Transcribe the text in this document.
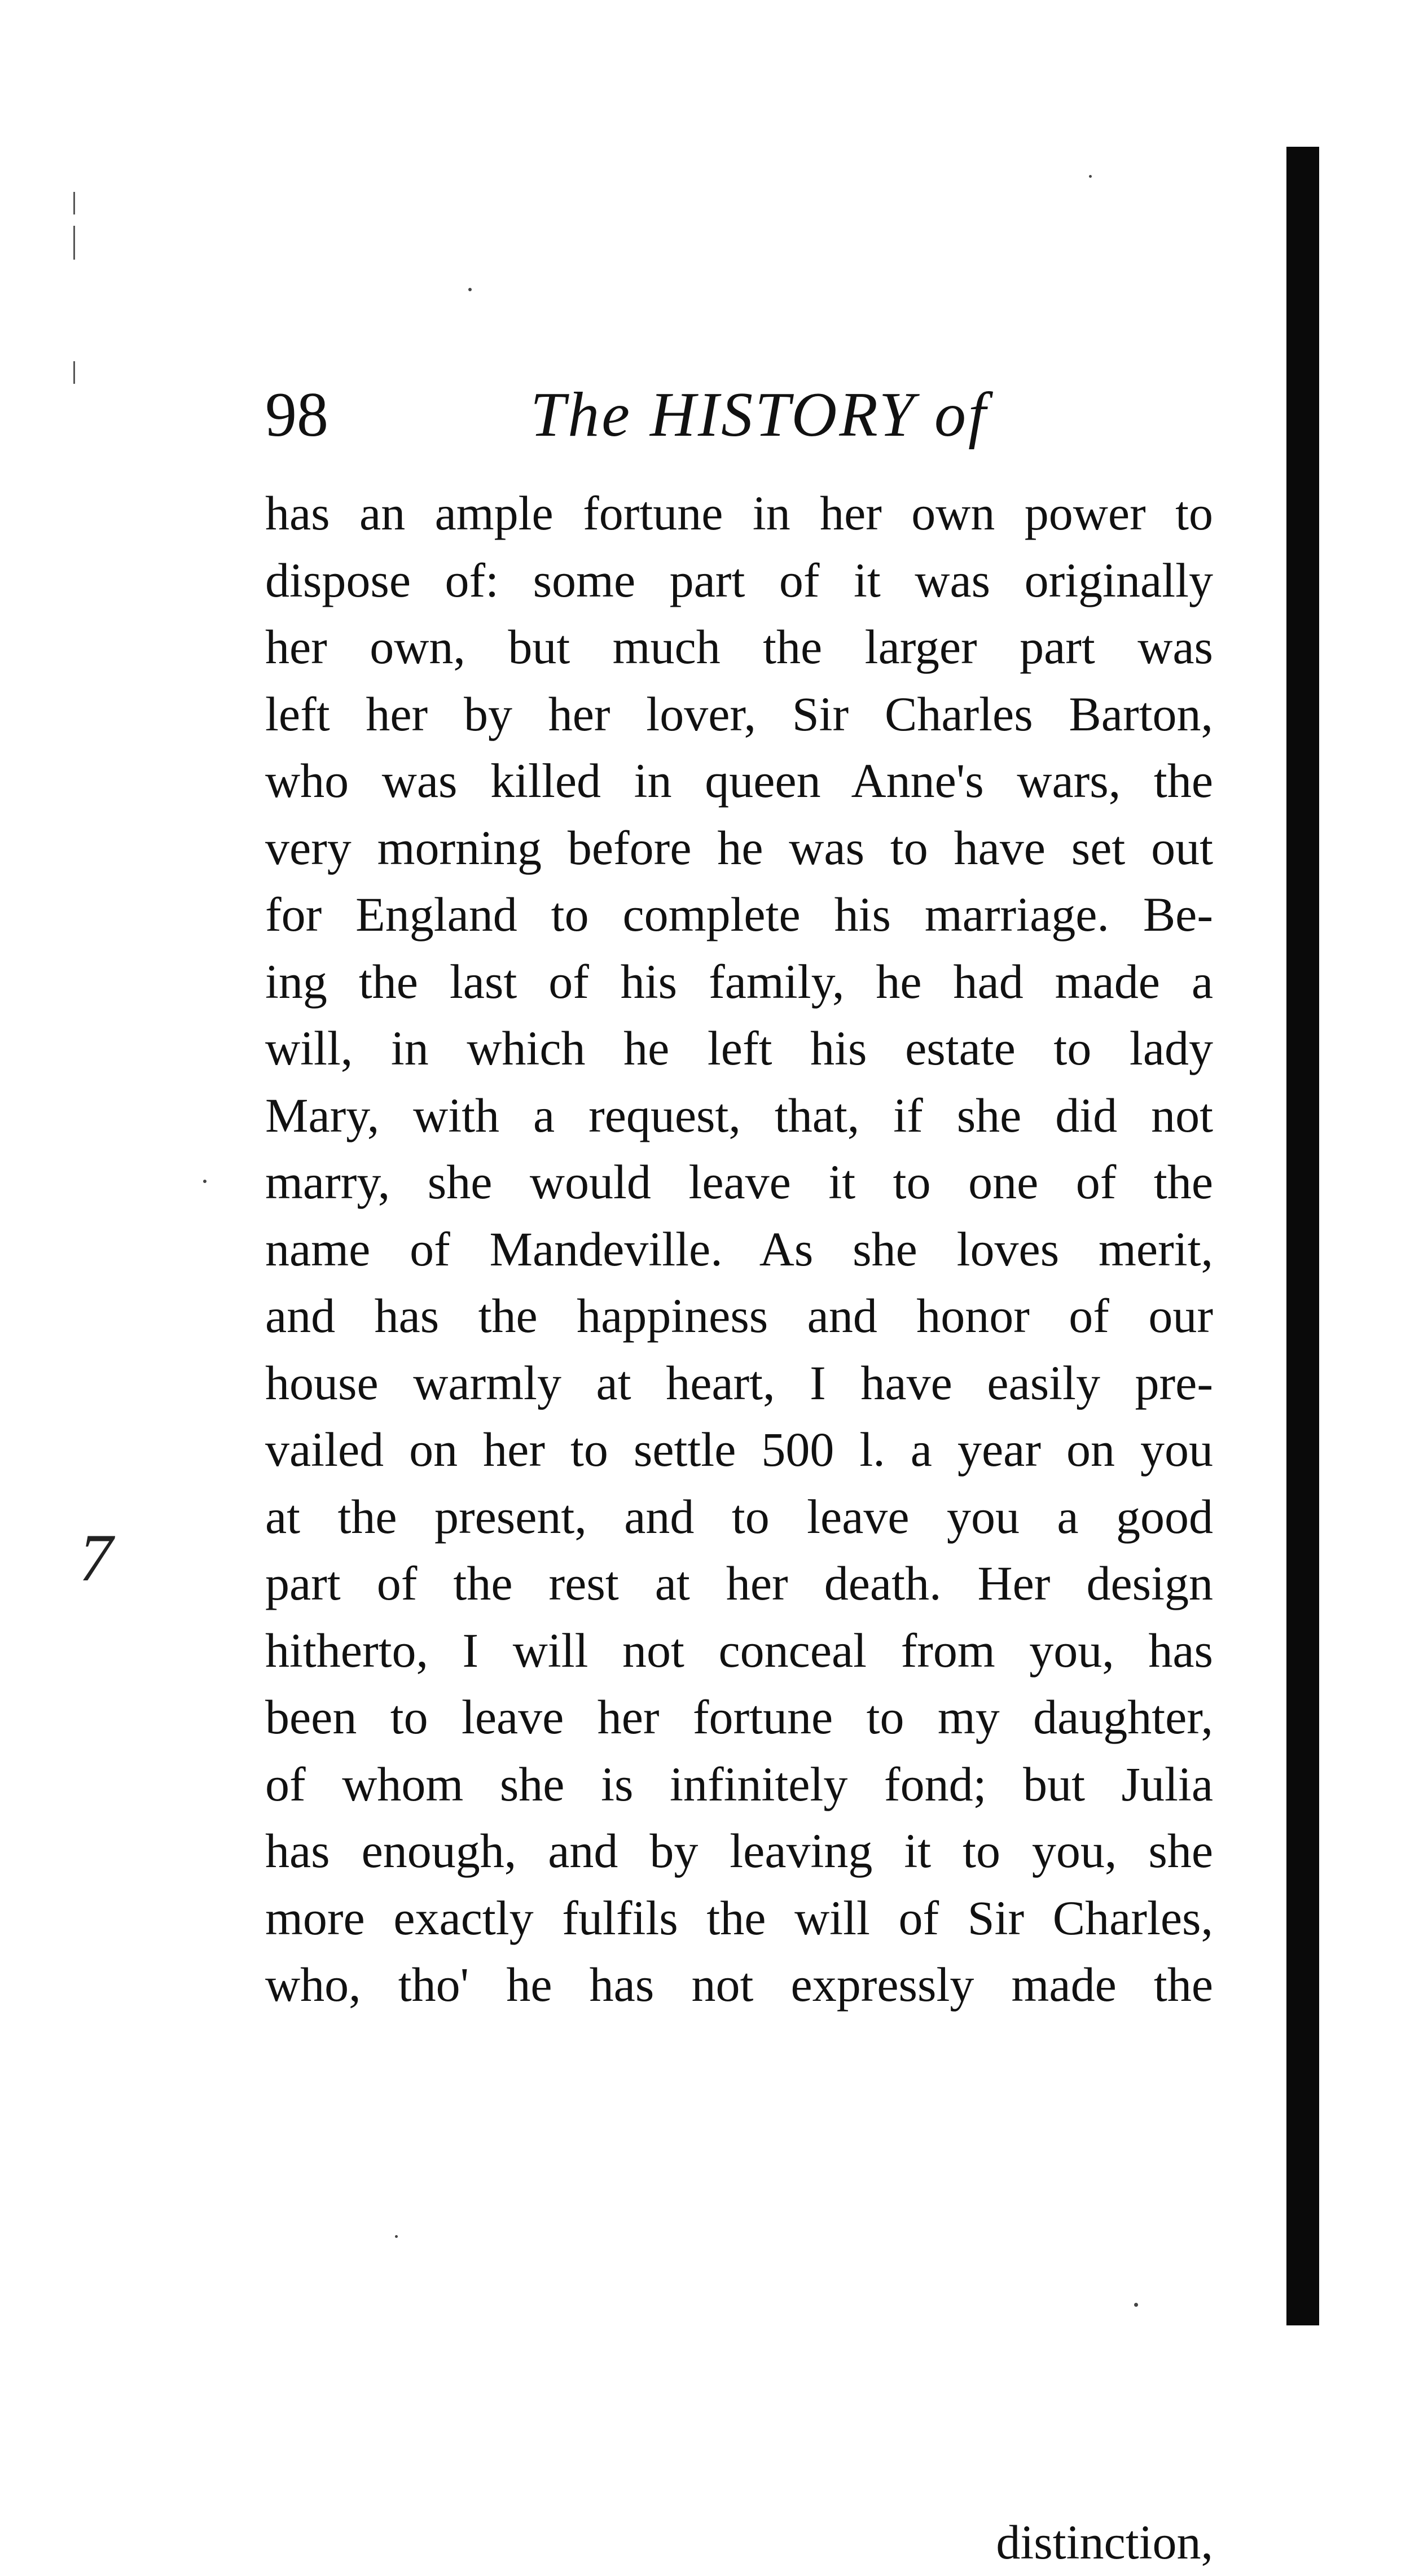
98	The HISTORY of
7
has an ample fortune in her own power to
dispose of: some part of it was originally
her own, but much the larger part was
left her by her lover, Sir Charles Barton,
who was killed in queen Anne's wars, the
very morning before he was to have set out
for England to complete his marriage. Be-
ing the last of his family, he had made a
will, in which he left his estate to lady
Mary, with a request, that, if she did not
marry, she would leave it to one of the
name of Mandeville. As she loves merit,
and has the happiness and honor of our
house warmly at heart, I have easily pre-
vailed on her to settle 500 l. a year on you
at the present, and to leave you a good
part of the rest at her death. Her design
hitherto, I will not conceal from you, has
been to leave her fortune to my daughter,
of whom she is infinitely fond; but Julia
has enough, and by leaving it to you, she
more exactly fulfils the will of Sir Charles,
who, tho' he has not expressly made the
distinction,
